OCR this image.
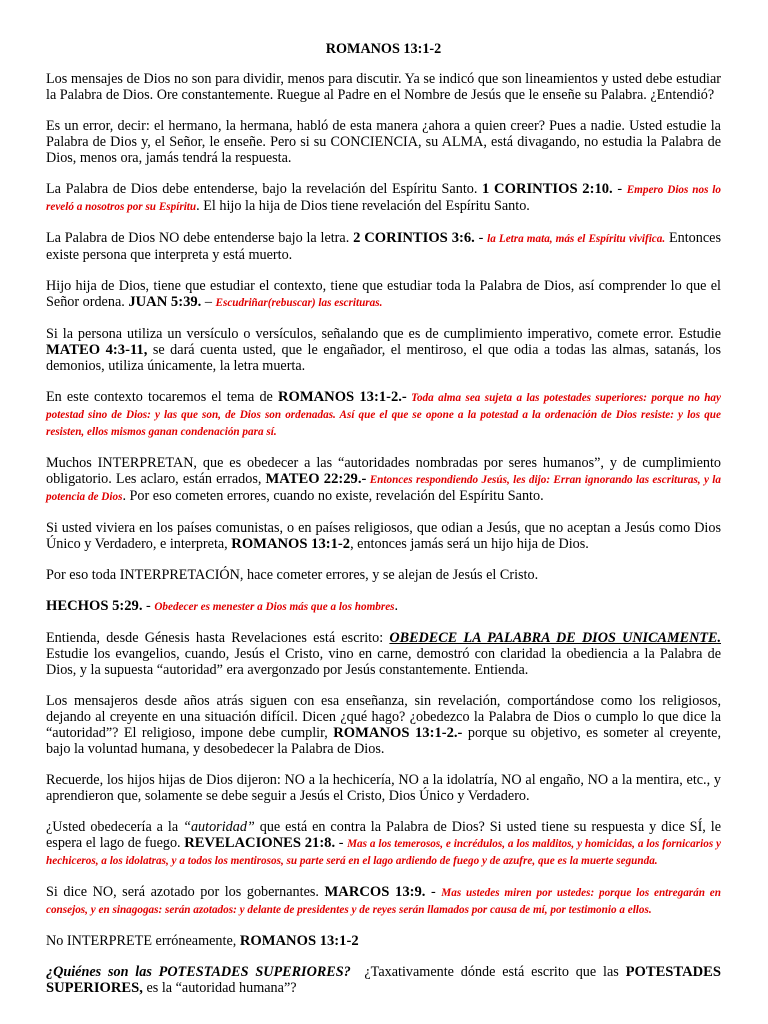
ROMANOS 13:1-2

Los mensajes de Dios no son para dividir, menos para discutir. Ya se indicó que son lineamientos y usted debe estudiar la Palabra de Dios. Ore constantemente. Ruegue al Padre en el Nombre de Jesús que le enseñe su Palabra. ¿Entendió?

Es un error, decir: el hermano, la hermana, habló de esta manera ¿ahora a quien creer? Pues a nadie. Usted estudie la Palabra de Dios y, el Señor, le enseñe. Pero si su CONCIENCIA, su ALMA, está divagando, no estudia la Palabra de Dios, menos ora, jamás tendrá la respuesta.

La Palabra de Dios debe entenderse, bajo la revelación del Espíritu Santo. 1 CORINTIOS 2:10. - Empero Dios nos lo reveló a nosotros por su Espíritu. El hijo la hija de Dios tiene revelación del Espíritu Santo.

La Palabra de Dios NO debe entenderse bajo la letra. 2 CORINTIOS 3:6. - la Letra mata, más el Espíritu vivifica. Entonces existe persona que interpreta y está muerto.

Hijo hija de Dios, tiene que estudiar el contexto, tiene que estudiar toda la Palabra de Dios, así comprender lo que el Señor ordena. JUAN 5:39. – Escudriñar(rebuscar) las escrituras.

Si la persona utiliza un versículo o versículos, señalando que es de cumplimiento imperativo, comete error. Estudie MATEO 4:3-11, se dará cuenta usted, que le engañador, el mentiroso, el que odia a todas las almas, satanás, los demonios, utiliza únicamente, la letra muerta.

En este contexto tocaremos el tema de ROMANOS 13:1-2.- Toda alma sea sujeta a las potestades superiores: porque no hay potestad sino de Dios: y las que son, de Dios son ordenadas. Así que el que se opone a la potestad a la ordenación de Dios resiste: y los que resisten, ellos mismos ganan condenación para sí.

Muchos INTERPRETAN, que es obedecer a las “autoridades nombradas por seres humanos”, y de cumplimiento obligatorio. Les aclaro, están errados, MATEO 22:29.- Entonces respondiendo Jesús, les dijo: Erran ignorando las escrituras, y la potencia de Dios. Por eso cometen errores, cuando no existe, revelación del Espíritu Santo.

Si usted viviera en los países comunistas, o en países religiosos, que odian a Jesús, que no aceptan a Jesús como Dios Único y Verdadero, e interpreta, ROMANOS 13:1-2, entonces jamás será un hijo hija de Dios.

Por eso toda INTERPRETACIÓN, hace cometer errores, y se alejan de Jesús el Cristo.

HECHOS 5:29. - Obedecer es menester a Dios más que a los hombres.

Entienda, desde Génesis hasta Revelaciones está escrito: OBEDECE LA PALABRA DE DIOS UNICAMENTE. Estudie los evangelios, cuando, Jesús el Cristo, vino en carne, demostró con claridad la obediencia a la Palabra de Dios, y la supuesta “autoridad” era avergonzado por Jesús constantemente. Entienda.

Los mensajeros desde años atrás siguen con esa enseñanza, sin revelación, comportándose como los religiosos, dejando al creyente en una situación difícil. Dicen ¿qué hago? ¿obedezco la Palabra de Dios o cumplo lo que dice la “autoridad”? El religioso, impone debe cumplir, ROMANOS 13:1-2.- porque su objetivo, es someter al creyente, bajo la voluntad humana, y desobedecer la Palabra de Dios.

Recuerde, los hijos hijas de Dios dijeron: NO a la hechicería, NO a la idolatría, NO al engaño, NO a la mentira, etc., y aprendieron que, solamente se debe seguir a Jesús el Cristo, Dios Único y Verdadero.

¿Usted obedecería a la “autoridad” que está en contra la Palabra de Dios? Si usted tiene su respuesta y dice SÍ, le espera el lago de fuego. REVELACIONES 21:8. - Mas a los temerosos, e incrédulos, a los malditos, y homicidas, a los fornicarios y hechiceros, a los idolatras, y a todos los mentirosos, su parte será en el lago ardiendo de fuego y de azufre, que es la muerte segunda.

Si dice NO, será azotado por los gobernantes. MARCOS 13:9. - Mas ustedes miren por ustedes: porque los entregarán en consejos, y en sinagogas: serán azotados: y delante de presidentes y de reyes serán llamados por causa de mí, por testimonio a ellos.

No INTERPRETE erróneamente, ROMANOS 13:1-2

¿Quiénes son las POTESTADES SUPERIORES?  ¿Taxativamente dónde está escrito que las POTESTADES SUPERIORES, es la “autoridad humana”?
